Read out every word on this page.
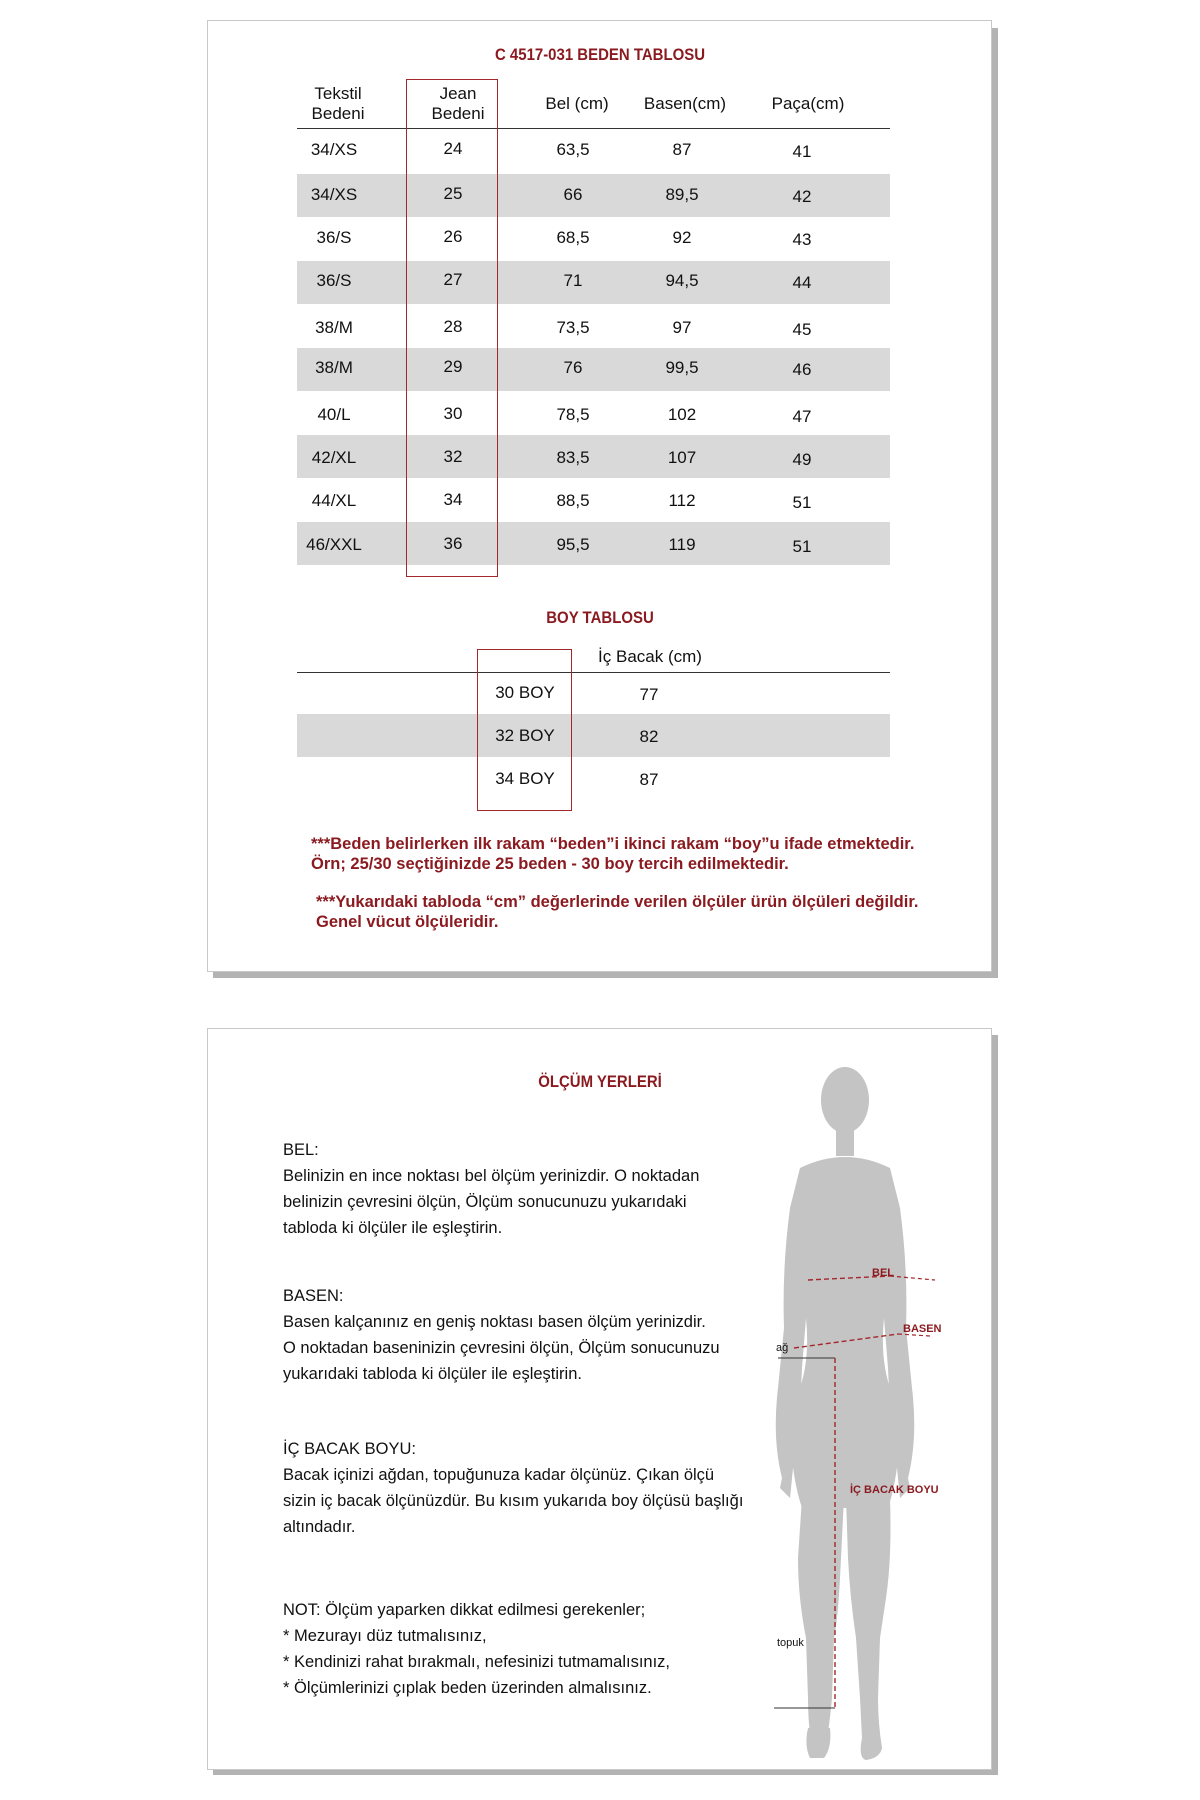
C 4517-031 BEDEN TABLOSU
Tekstil
Bedeni
Jean
Bedeni
Bel (cm)	Basen(cm)	Paça(cm)
34/XS	24	63,5	87	41
34/XS	25	66	89,5	42
36/S	26	68,5	92	43
36/S	27	71	94,5	44
38/M	28	73,5	97	45
38/M	29	76	99,5	46
40/L	30	78,5	102	47
42/XL	32	83,5	107	49
44/XL	34	88,5	112	51
46/XXL	36	95,5	119	51
BOY TABLOSU
İç Bacak (cm)
30 BOY	77
32 BOY	82
34 BOY	87
***Beden belirlerken ilk rakam “beden”i ikinci rakam “boy”u ifade etmektedir.
Örn; 25/30 seçtiğinizde 25 beden - 30 boy tercih edilmektedir.
***Yukarıdaki tabloda “cm” değerlerinde verilen ölçüler ürün ölçüleri değildir.
Genel vücut ölçüleridir.
ÖLÇÜM YERLERİ
BEL:
Belinizin en ince noktası bel ölçüm yerinizdir. O noktadan
belinizin çevresini ölçün, Ölçüm sonucunuzu yukarıdaki
tabloda ki ölçüler ile eşleştirin.
BASEN:
Basen kalçanınız en geniş noktası basen ölçüm yerinizdir.
O noktadan baseninizin çevresini ölçün, Ölçüm sonucunuzu
yukarıdaki tabloda ki ölçüler ile eşleştirin.
İÇ BACAK BOYU:
Bacak içinizi ağdan, topuğunuza kadar ölçünüz. Çıkan ölçü
sizin iç bacak ölçünüzdür. Bu kısım yukarıda boy ölçüsü başlığı
altındadır.
NOT: Ölçüm yaparken dikkat edilmesi gerekenler;
* Mezurayı düz tutmalısınız,
* Kendinizi rahat bırakmalı, nefesinizi tutmamalısınız,
* Ölçümlerinizi çıplak beden üzerinden almalısınız.
BEL
BASEN
ağ
İÇ BACAK BOYU
topuk
